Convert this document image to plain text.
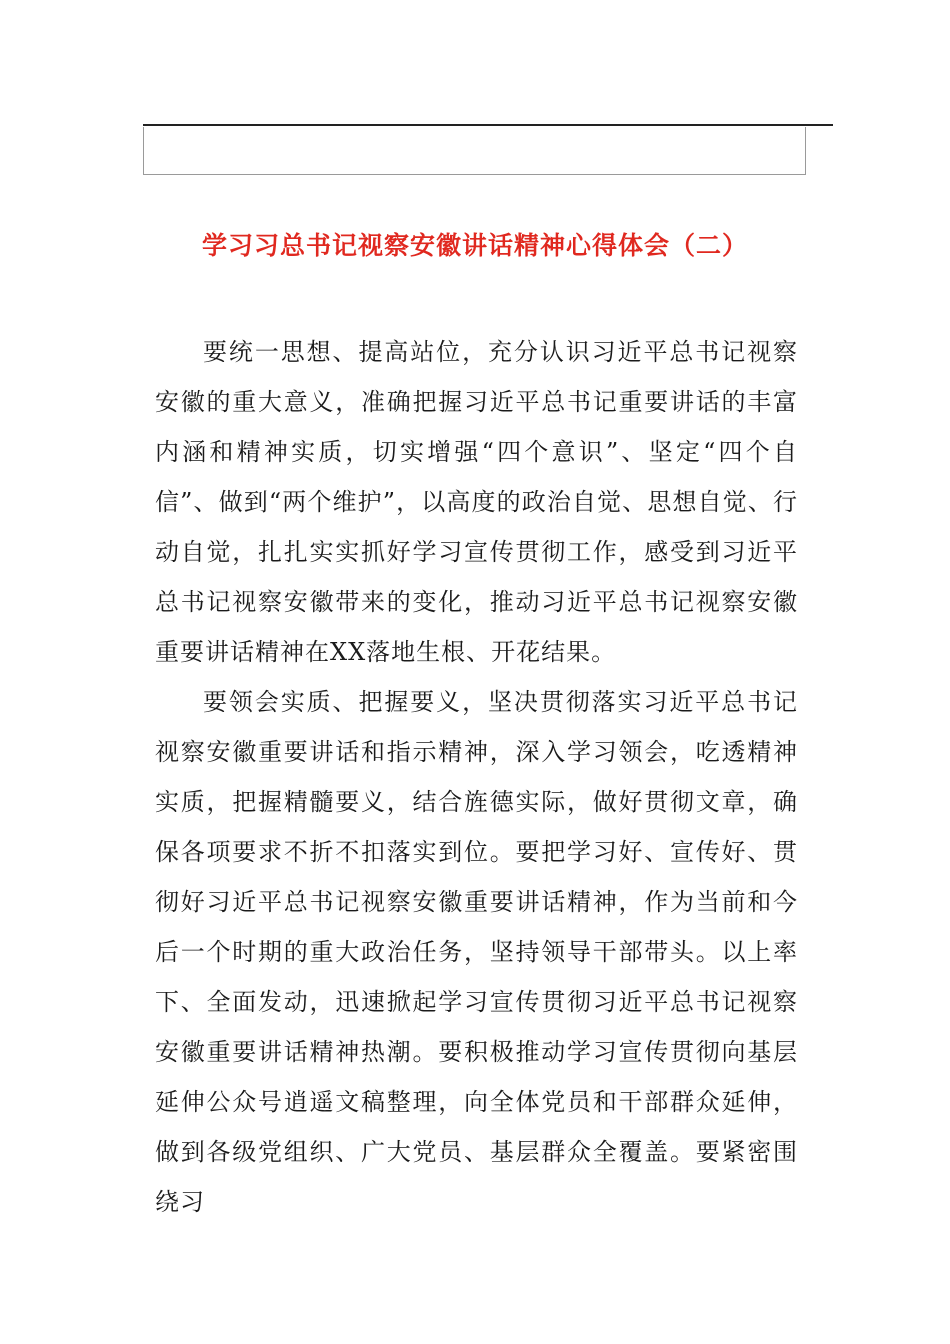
学习习总书记视察安徽讲话精神心得体会（二）

要统一思想、提高站位，充分认识习近平总书记视察安徽的重大意义，准确把握习近平总书记重要讲话的丰富内涵和精神实质，切实增强“四个意识”、坚定“四个自信”、做到“两个维护”，以高度的政治自觉、思想自觉、行动自觉，扎扎实实抓好学习宣传贯彻工作，感受到习近平总书记视察安徽带来的变化，推动习近平总书记视察安徽重要讲话精神在XX落地生根、开花结果。

要领会实质、把握要义，坚决贯彻落实习近平总书记视察安徽重要讲话和指示精神，深入学习领会，吃透精神实质，把握精髓要义，结合旌德实际，做好贯彻文章，确保各项要求不折不扣落实到位。要把学习好、宣传好、贯彻好习近平总书记视察安徽重要讲话精神，作为当前和今后一个时期的重大政治任务，坚持领导干部带头。以上率下、全面发动，迅速掀起学习宣传贯彻习近平总书记视察安徽重要讲话精神热潮。要积极推动学习宣传贯彻向基层延伸公众号逍遥文稿整理，向全体党员和干部群众延伸，做到各级党组织、广大党员、基层群众全覆盖。要紧密围绕习
